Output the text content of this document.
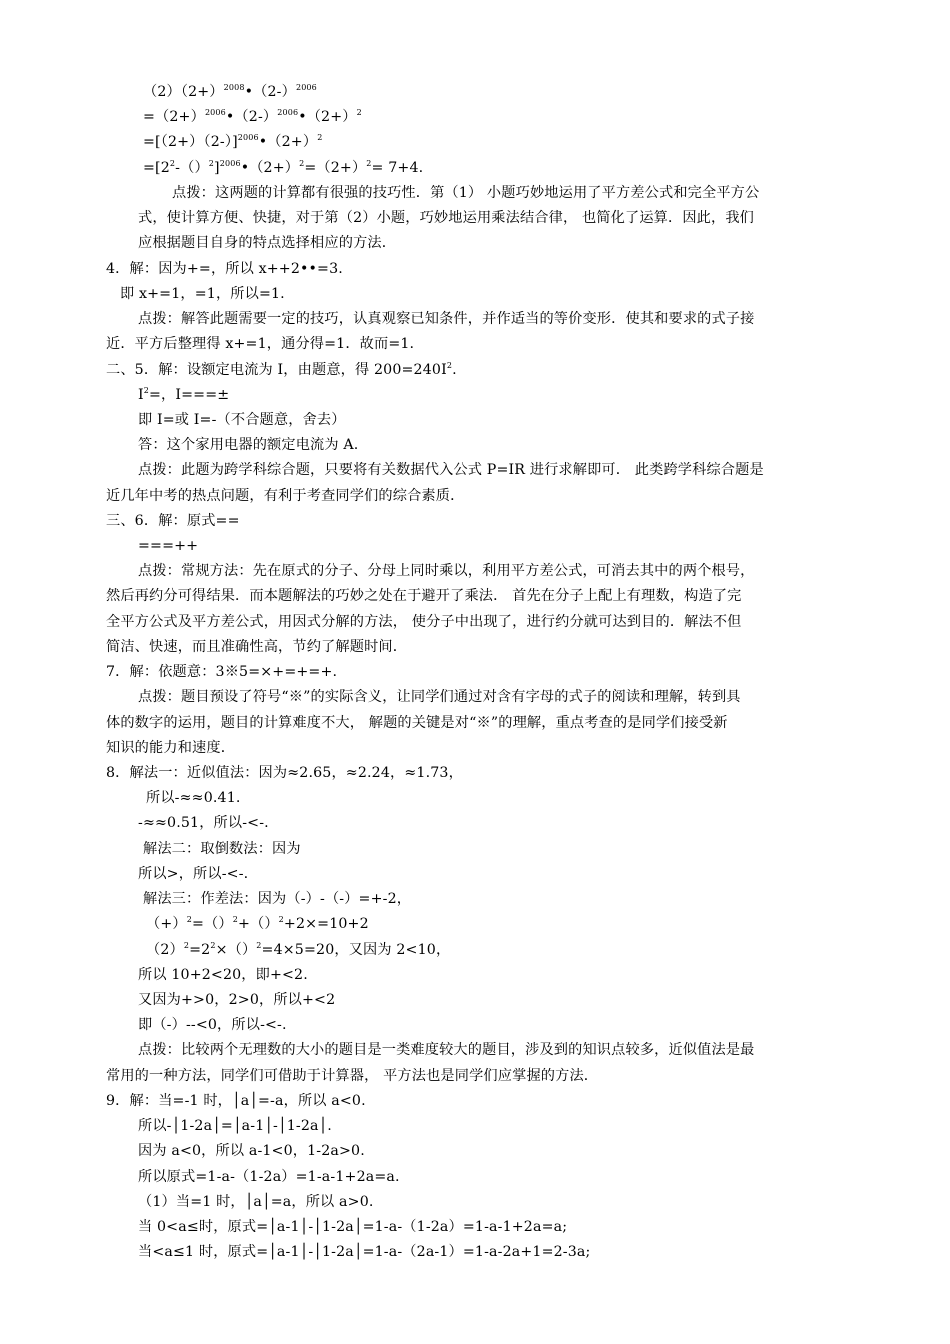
$(2)(2+)^{2008}•(2-)^{2006}$
$=(2+)^{2006}•(2-)^{2006}•(2+)^2$
$=[(2+)(2-)]^{2006}•(2+)^2$
$=[2^2-()^2]^{2006}•(2+)^2=(2+)^2= 7+4$.
点拨：这两题的计算都有很强的技巧性．第（1） 小题巧妙地运用了平方差公式和完全平方公
式，使计算方便、快捷，对于第（2）小题，巧妙地运用乘法结合律， 也简化了运算．因此，我们
应根据题目自身的特点选择相应的方法．
4．解：因为+=，所以 x++2••=3.
即 x+=1，=1，所以=1.
点拨：解答此题需要一定的技巧，认真观察已知条件，并作适当的等价变形．使其和要求的式子接
近．平方后整理得 x+=1，通分得=1．故而=1.
二、5．解：设额定电流为 I，由题意，得 $200=240I^2$.
$I^2=$，I===±
即 I=或 I=-（不合题意，舍去）
答：这个家用电器的额定电流为 A.
点拨：此题为跨学科综合题，只要将有关数据代入公式 P=IR 进行求解即可． 此类跨学科综合题是
近几年中考的热点问题，有利于考查同学们的综合素质．
三、6．解：原式==
===++
点拨：常规方法：先在原式的分子、分母上同时乘以，利用平方差公式，可消去其中的两个根号，
然后再约分可得结果．而本题解法的巧妙之处在于避开了乘法． 首先在分子上配上有理数，构造了完
全平方公式及平方差公式，用因式分解的方法， 使分子中出现了，进行约分就可达到目的．解法不但
简洁、快速，而且准确性高，节约了解题时间．
7．解：依题意：3※5=×+=+=+.
点拨：题目预设了符号“※”的实际含义，让同学们通过对含有字母的式子的阅读和理解，转到具
体的数字的运用，题目的计算难度不大， 解题的关键是对“※”的理解，重点考查的是同学们接受新
知识的能力和速度．
8．解法一：近似值法：因为≈2.65，≈2.24，≈1.73，
所以-≈≈0.41.
-≈≈0.51，所以-<-.
解法二：取倒数法：因为
所以>，所以-<-.
解法三：作差法：因为（-）-（-）=+-2，
$(+)^2=()^2+()^2+2\times=10+2$
$(2)^2=2^2\times()^2=4\times 5=20$，又因为 2<10，
所以 10+2<20，即+<2.
又因为+>0，2>0，所以+<2
即（-）--<0，所以-<-.
点拨：比较两个无理数的大小的题目是一类难度较大的题目，涉及到的知识点较多，近似值法是最
常用的一种方法，同学们可借助于计算器， 平方法也是同学们应掌握的方法．
9．解：当=-1 时，│a│=-a，所以 a<0.
所以-│1-2a│=│a-1│-│1-2a│.
因为 a<0，所以 a-1<0，1-2a>0.
所以原式=1-a-（1-2a）=1-a-1+2a=a.
（1）当=1 时，│a│=a，所以 a>0.
当 0<a≤时，原式=│a-1│-│1-2a│=1-a-（1-2a）=1-a-1+2a=a;
当<a≤1 时，原式=│a-1│-│1-2a│=1-a-（2a-1）=1-a-2a+1=2-3a;
